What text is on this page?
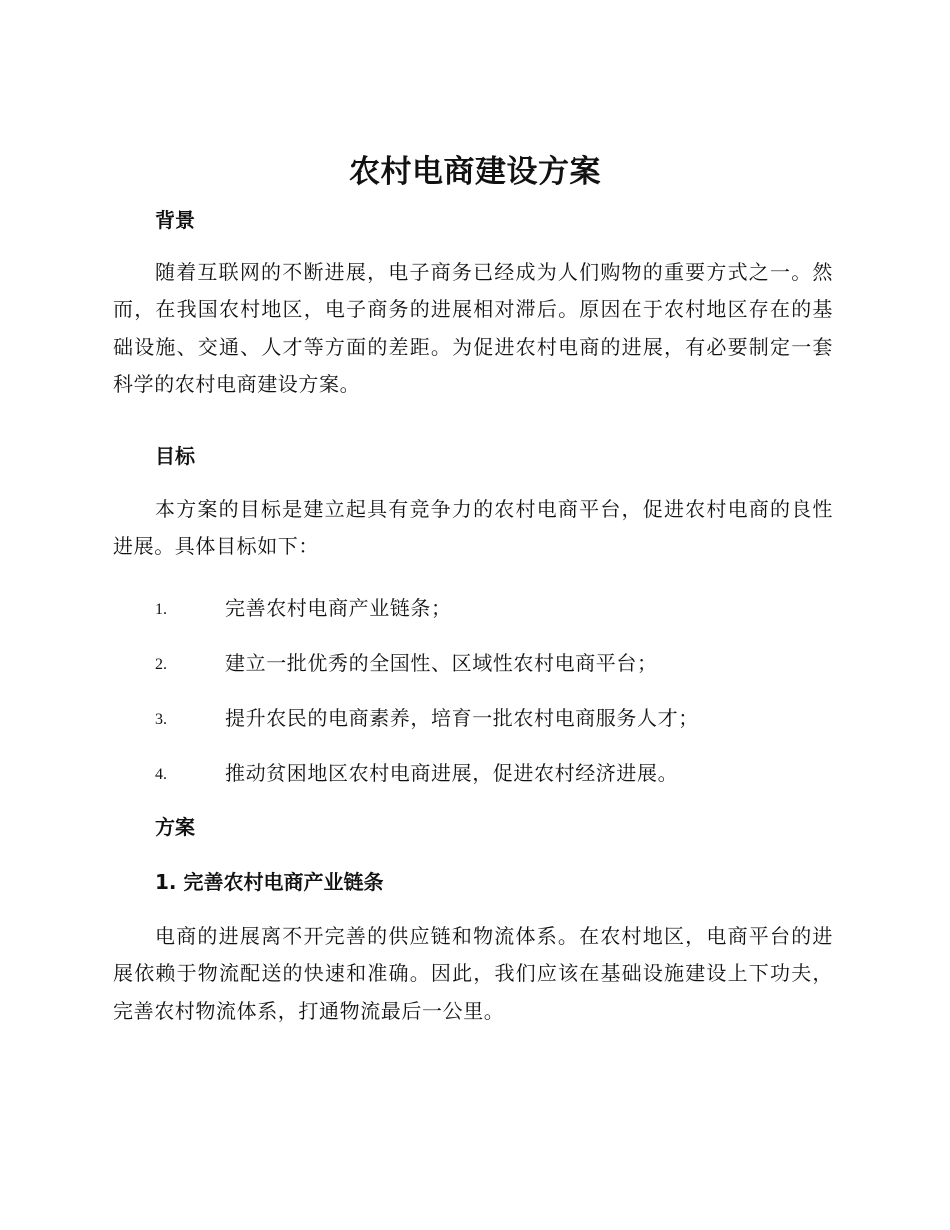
农村电商建设方案
背景
随着互联网的不断进展，电子商务已经成为人们购物的重要方式之一。然而，在我国农村地区，电子商务的进展相对滞后。原因在于农村地区存在的基础设施、交通、人才等方面的差距。为促进农村电商的进展，有必要制定一套科学的农村电商建设方案。
目标
本方案的目标是建立起具有竞争力的农村电商平台，促进农村电商的良性进展。具体目标如下：
1.	完善农村电商产业链条；
2.	建立一批优秀的全国性、区域性农村电商平台；
3.	提升农民的电商素养，培育一批农村电商服务人才；
4.	推动贫困地区农村电商进展，促进农村经济进展。
方案
1. 完善农村电商产业链条
电商的进展离不开完善的供应链和物流体系。在农村地区，电商平台的进展依赖于物流配送的快速和准确。因此，我们应该在基础设施建设上下功夫，完善农村物流体系，打通物流最后一公里。
